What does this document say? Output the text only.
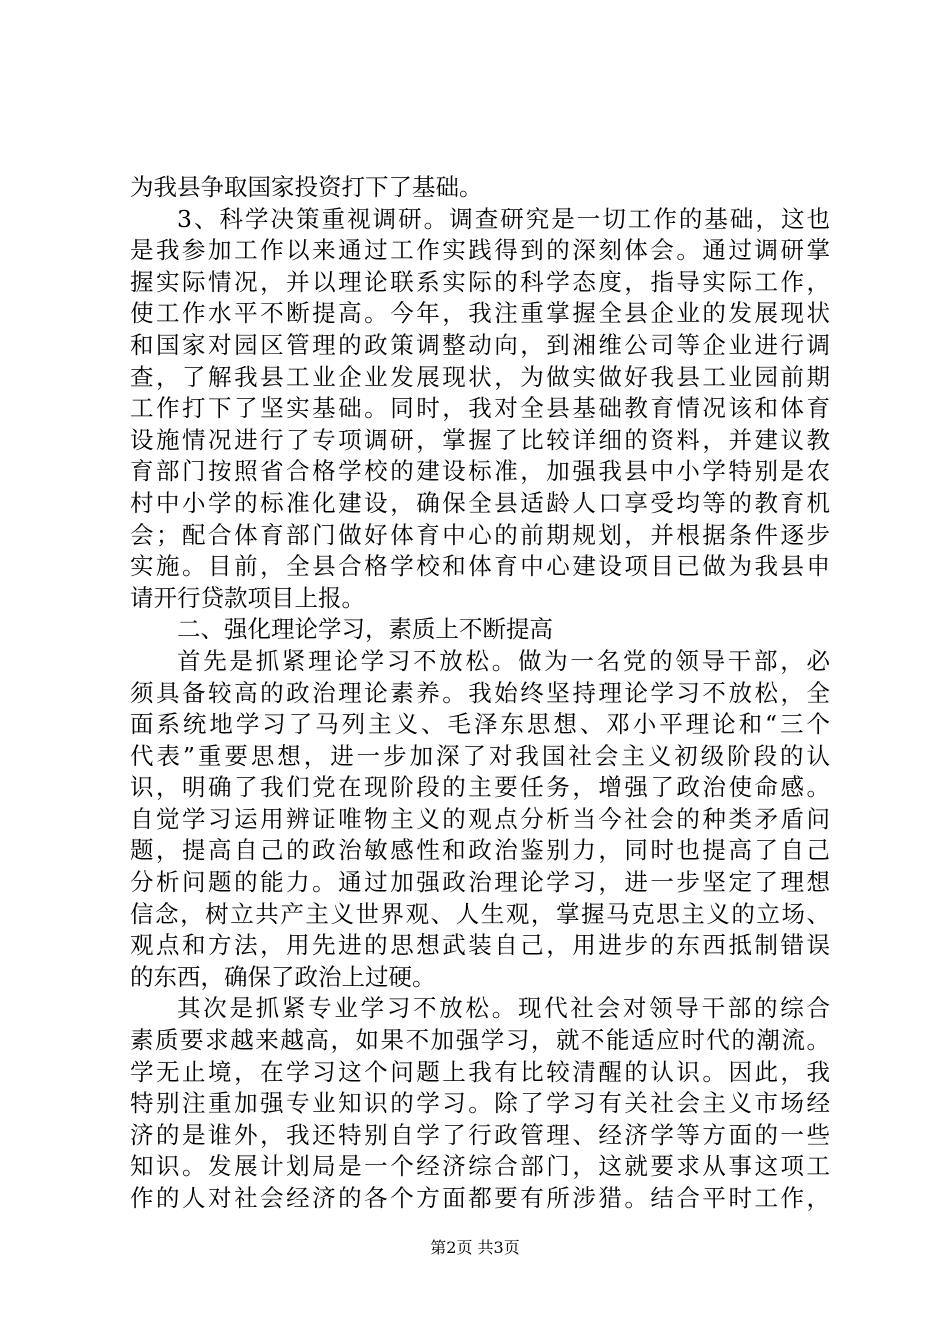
为我县争取国家投资打下了基础。
3、科学决策重视调研。调查研究是一切工作的基础，这也
是我参加工作以来通过工作实践得到的深刻体会。通过调研掌
握实际情况，并以理论联系实际的科学态度，指导实际工作，
使工作水平不断提高。今年，我注重掌握全县企业的发展现状
和国家对园区管理的政策调整动向，到湘维公司等企业进行调
查，了解我县工业企业发展现状，为做实做好我县工业园前期
工作打下了坚实基础。同时，我对全县基础教育情况该和体育
设施情况进行了专项调研，掌握了比较详细的资料，并建议教
育部门按照省合格学校的建设标准，加强我县中小学特别是农
村中小学的标准化建设，确保全县适龄人口享受均等的教育机
会；配合体育部门做好体育中心的前期规划，并根据条件逐步
实施。目前，全县合格学校和体育中心建设项目已做为我县申
请开行贷款项目上报。
二、强化理论学习，素质上不断提高
首先是抓紧理论学习不放松。做为一名党的领导干部，必
须具备较高的政治理论素养。我始终坚持理论学习不放松，全
面系统地学习了马列主义、毛泽东思想、邓小平理论和“三个
代表”重要思想，进一步加深了对我国社会主义初级阶段的认
识，明确了我们党在现阶段的主要任务，增强了政治使命感。
自觉学习运用辨证唯物主义的观点分析当今社会的种类矛盾问
题，提高自己的政治敏感性和政治鉴别力，同时也提高了自己
分析问题的能力。通过加强政治理论学习，进一步坚定了理想
信念，树立共产主义世界观、人生观，掌握马克思主义的立场、
观点和方法，用先进的思想武装自己，用进步的东西抵制错误
的东西，确保了政治上过硬。
其次是抓紧专业学习不放松。现代社会对领导干部的综合
素质要求越来越高，如果不加强学习，就不能适应时代的潮流。
学无止境，在学习这个问题上我有比较清醒的认识。因此，我
特别注重加强专业知识的学习。除了学习有关社会主义市场经
济的是谁外，我还特别自学了行政管理、经济学等方面的一些
知识。发展计划局是一个经济综合部门，这就要求从事这项工
作的人对社会经济的各个方面都要有所涉猎。结合平时工作，
第2页 共3页
